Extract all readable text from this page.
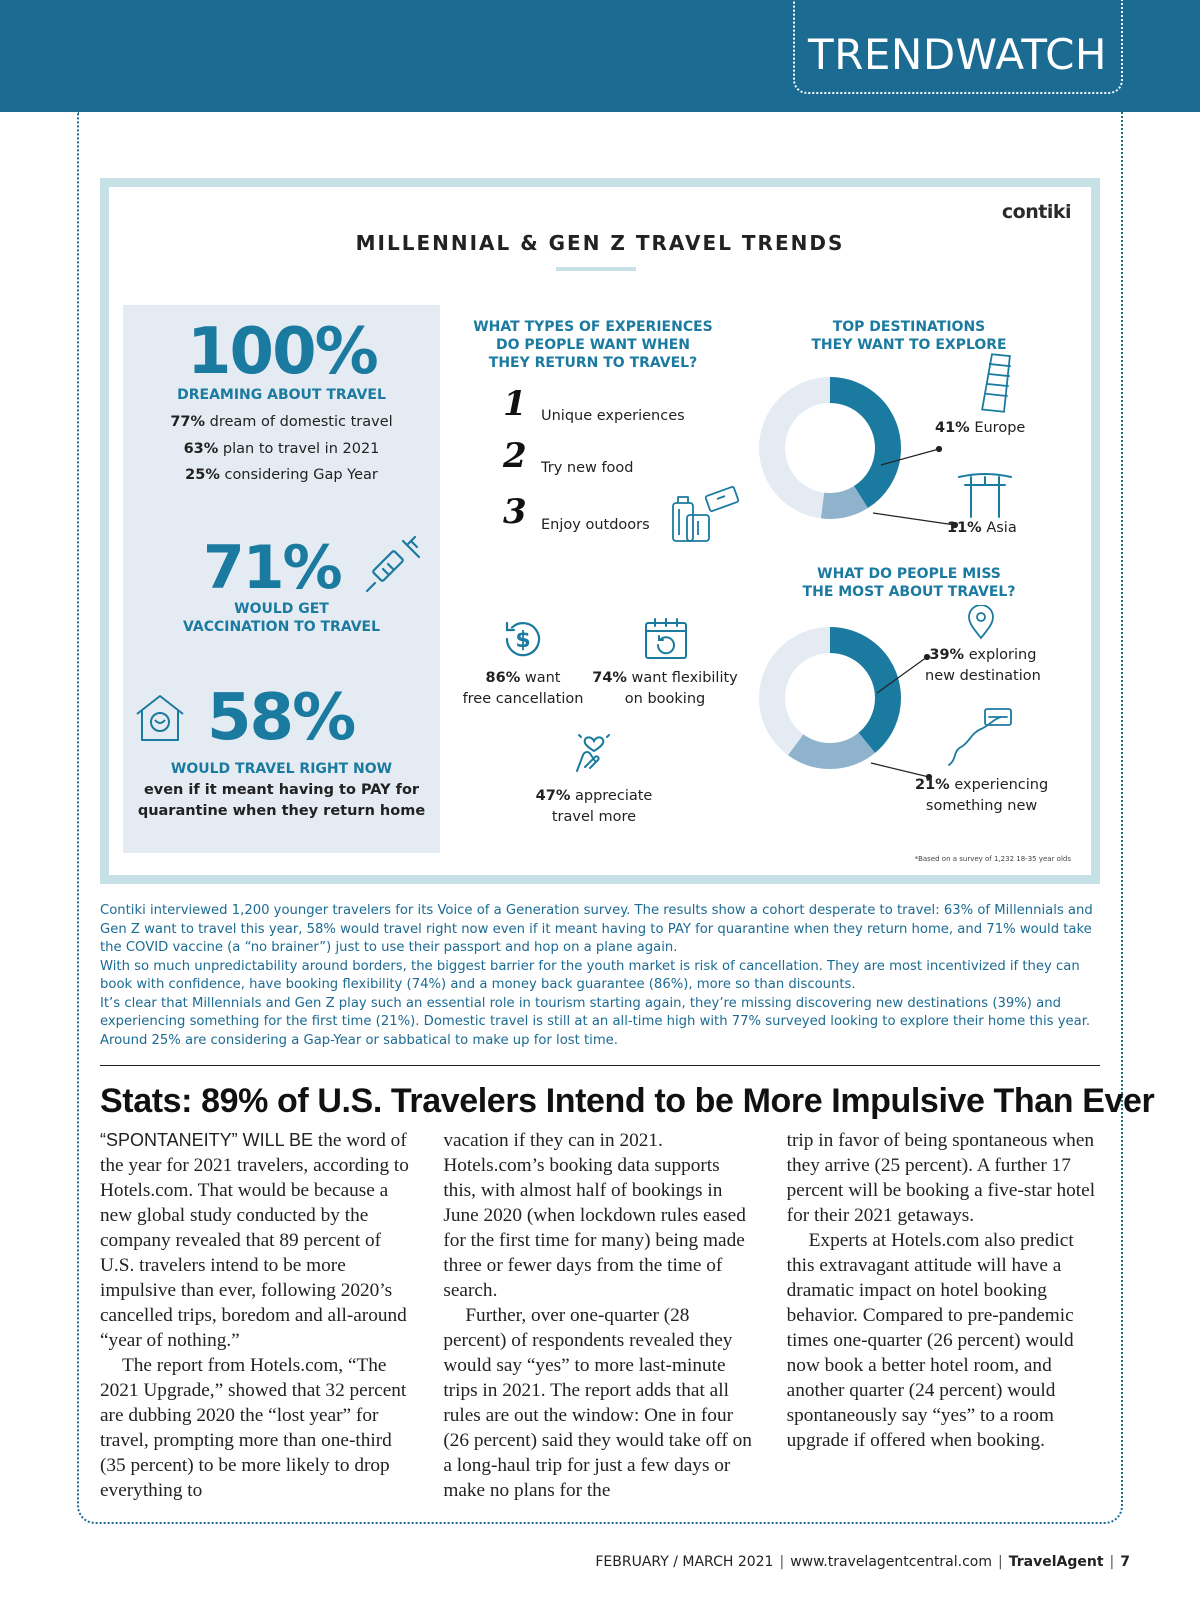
TRENDWATCH
contiki
MILLENNIAL & GEN Z TRAVEL TRENDS
100%
DREAMING ABOUT TRAVEL
77% dream of domestic travel
63% plan to travel in 2021
25% considering Gap Year
71%
WOULD GET
VACCINATION TO TRAVEL
58%
WOULD TRAVEL RIGHT NOW
even if it meant having to PAY for
quarantine when they return home
WHAT TYPES OF EXPERIENCES
DO PEOPLE WANT WHEN
THEY RETURN TO TRAVEL?
1 Unique experiences
2 Try new food
3 Enjoy outdoors
$
86% want
free cancellation
74% want flexibility
on booking
47% appreciate
travel more
TOP DESTINATIONS
THEY WANT TO EXPLORE
41% Europe
11% Asia
WHAT DO PEOPLE MISS
THE MOST ABOUT TRAVEL?
39% exploring
new destination
21% experiencing
something new
*Based on a survey of 1,232 18-35 year olds

Contiki interviewed 1,200 younger travelers for its Voice of a Generation survey. The results show a cohort desperate to travel: 63% of Millennials and Gen Z want to travel this year, 58% would travel right now even if it meant having to PAY for quarantine when they return home, and 71% would take the COVID vaccine (a “no brainer”) just to use their passport and hop on a plane again.

With so much unpredictability around borders, the biggest barrier for the youth market is risk of cancellation. They are most incentivized if they can book with confidence, have booking flexibility (74%) and a money back guarantee (86%), more so than discounts.

It’s clear that Millennials and Gen Z play such an essential role in tourism starting again, they’re missing discovering new destinations (39%) and experiencing something for the first time (21%). Domestic travel is still at an all-time high with 77% surveyed looking to explore their home this year. Around 25% are considering a Gap-Year or sabbatical to make up for lost time.

Stats: 89% of U.S. Travelers Intend to be More Impulsive Than Ever

“SPONTANEITY” WILL BE the word of the year for 2021 travelers, according to Hotels.com. That would be because a new global study conducted by the company revealed that 89 percent of U.S. travelers intend to be more impulsive than ever, following 2020’s cancelled trips, boredom and all-around “year of nothing.”

The report from Hotels.com, “The 2021 Upgrade,” showed that 32 percent are dubbing 2020 the “lost year” for travel, prompting more than one-third (35 percent) to be more likely to drop everything to

vacation if they can in 2021. Hotels.com’s booking data supports this, with almost half of bookings in June 2020 (when lockdown rules eased for the first time for many) being made three or fewer days from the time of search.

Further, over one-quarter (28 percent) of respondents revealed they would say “yes” to more last-minute trips in 2021. The report adds that all rules are out the window: One in four (26 percent) said they would take off on a long-haul trip for just a few days or make no plans for the

trip in favor of being spontaneous when they arrive (25 percent). A further 17 percent will be booking a five-star hotel for their 2021 getaways.

Experts at Hotels.com also predict this extravagant attitude will have a dramatic impact on hotel booking behavior. Compared to pre-pandemic times one-quarter (26 percent) would now book a better hotel room, and another quarter (24 percent) would spontaneously say “yes” to a room upgrade if offered when booking.

FEBRUARY / MARCH 2021 | www.travelagentcentral.com | TravelAgent | 7
